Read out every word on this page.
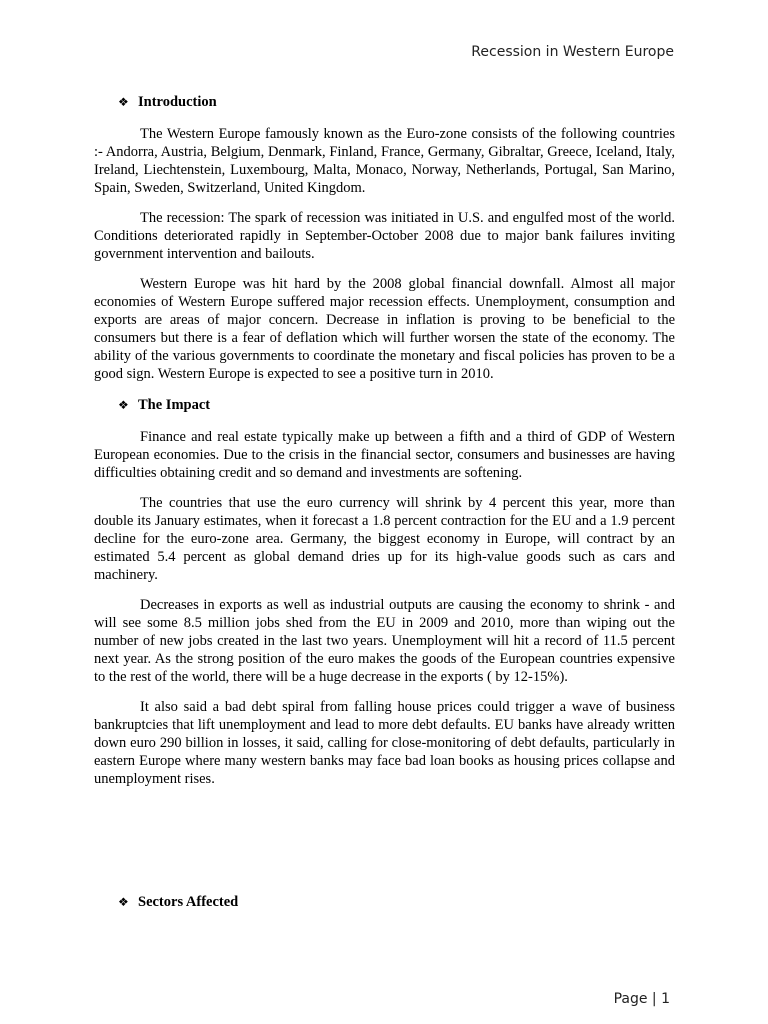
Recession in Western Europe
❖ Introduction

The Western Europe famously known as the Euro-zone consists of the following countries :- Andorra, Austria, Belgium, Denmark, Finland, France, Germany, Gibraltar, Greece, Iceland, Italy, Ireland, Liechtenstein, Luxembourg, Malta, Monaco, Norway, Netherlands, Portugal, San Marino, Spain, Sweden, Switzerland, United Kingdom.

The recession: The spark of recession was initiated in U.S. and engulfed most of the world. Conditions deteriorated rapidly in September-October 2008 due to major bank failures inviting government intervention and bailouts.

Western Europe was hit hard by the 2008 global financial downfall. Almost all major economies of Western Europe suffered major recession effects. Unemployment, consumption and exports are areas of major concern. Decrease in inflation is proving to be beneficial to the consumers but there is a fear of deflation which will further worsen the state of the economy. The ability of the various governments to coordinate the monetary and fiscal policies has proven to be a good sign. Western Europe is expected to see a positive turn in 2010.

❖ The Impact

Finance and real estate typically make up between a fifth and a third of GDP of Western European economies. Due to the crisis in the financial sector, consumers and businesses are having difficulties obtaining credit and so demand and investments are softening.

The countries that use the euro currency will shrink by 4 percent this year, more than double its January estimates, when it forecast a 1.8 percent contraction for the EU and a 1.9 percent decline for the euro-zone area. Germany, the biggest economy in Europe, will contract by an estimated 5.4 percent as global demand dries up for its high-value goods such as cars and machinery.

Decreases in exports as well as industrial outputs are causing the economy to shrink - and will see some 8.5 million jobs shed from the EU in 2009 and 2010, more than wiping out the number of new jobs created in the last two years. Unemployment will hit a record of 11.5 percent next year. As the strong position of the euro makes the goods of the European countries expensive to the rest of the world, there will be a huge decrease in the exports ( by 12-15%).

It also said a bad debt spiral from falling house prices could trigger a wave of business bankruptcies that lift unemployment and lead to more debt defaults. EU banks have already written down euro 290 billion in losses, it said, calling for close-monitoring of debt defaults, particularly in eastern Europe where many western banks may face bad loan books as housing prices collapse and unemployment rises.

❖ Sectors Affected
Page | 1
